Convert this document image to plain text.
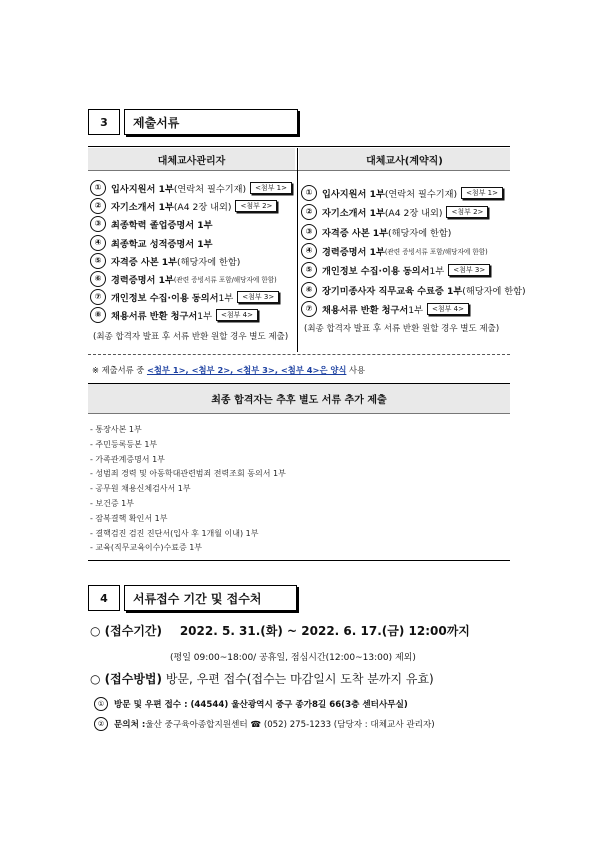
3	제출서류
대체교사관리자	대체교사(계약직)
①	입사지원서 1부 (연락처 필수기재)	<첨부 1>
②	자기소개서 1부 (A4 2장 내외)	<첨부 2>
③	최종학력 졸업증명서 1부
④	최종학교 성적증명서 1부
⑤	자격증 사본 1부 (해당자에 한함)
⑥	경력증명서 1부 (관련 증빙서류 포함/해당자에 한함)
⑦	개인정보 수집·이용 동의서 1부	<첨부 3>
⑧	채용서류 반환 청구서 1부	<첨부 4>
(최종 합격자 발표 후 서류 반환 원할 경우 별도 제출)
①	입사지원서 1부 (연락처 필수기재)	<첨부 1>
②	자기소개서 1부 (A4 2장 내외)	<첨부 2>
③	자격증 사본 1부 (해당자에 한함)
④	경력증명서 1부 (관련 증빙서류 포함/해당자에 한함)
⑤	개인정보 수집·이용 동의서 1부	<첨부 3>
⑥	장기미종사자 직무교육 수료증 1부 (해당자에 한함)
⑦	채용서류 반환 청구서 1부	<첨부 4>
(최종 합격자 발표 후 서류 반환 원할 경우 별도 제출)
※ 제출서류 중 <첨부 1>, <첨부 2>, <첨부 3>, <첨부 4>은 양식 사용
최종 합격자는 추후 별도 서류 추가 제출
- 통장사본 1부
- 주민등록등본 1부
- 가족관계증명서 1부
- 성범죄 경력 및 아동학대관련범죄 전력조회 동의서 1부
- 공무원 채용신체검사서 1부
- 보건증 1부
- 잠복결핵 확인서 1부
- 결핵검진 검진 진단서(입사 후 1개월 이내) 1부
- 교육(직무교육이수)수료증 1부
4	서류접수 기간 및 접수처
○ (접수기간) 2022. 5. 31.(화) ~ 2022. 6. 17.(금) 12:00까지
(평일 09:00~18:00/ 공휴일, 점심시간(12:00~13:00) 제외)
○ (접수방법) 방문, 우편 접수(접수는 마감일시 도착 분까지 유효)
①	방문 및 우편 접수 : (44544) 울산광역시 중구 종가8길 66(3층 센터사무실)
②	문의처 : 울산 중구육아종합지원센터 ☎ (052) 275-1233 (담당자 : 대체교사 관리자)
